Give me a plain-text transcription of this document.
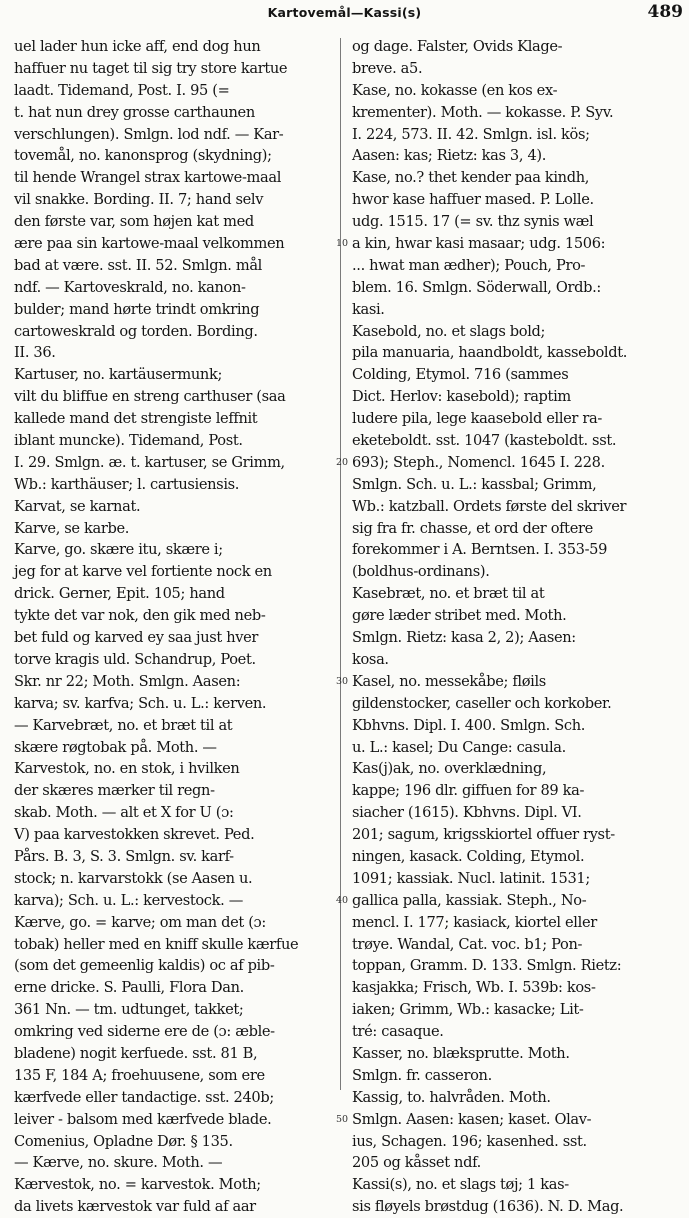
Kartovemål—Kassi(s)	489
uel lader hun icke aff, end dog hun
haffuer nu taget til sig try store kartue
laadt. Tidemand, Post. I. 95 (=
t. hat nun drey grosse carthaunen
verschlungen). Smlgn. lod ndf. — Kar-
tovemål, no. kanonsprog (skydning);
til hende Wrangel strax kartowe-maal
vil snakke. Bording. II. 7; hand selv
den første var, som højen kat med
ære paa sin kartowe-maal velkommen
bad at være. sst. II. 52. Smlgn. mål
ndf. — Kartoveskrald, no. kanon-
bulder; mand hørte trindt omkring
cartoweskrald og torden. Bording.
II. 36.
Kartuser, no. kartäusermunk;
vilt du bliffue en streng carthuser (saa
kallede mand det strengiste leffnit
iblant muncke). Tidemand, Post.
I. 29. Smlgn. æ. t. kartuser, se Grimm,
Wb.: karthäuser; l. cartusiensis.
Karvat, se karnat.
Karve, se karbe.
Karve, go. skære itu, skære i;
jeg for at karve vel fortiente nock en
drick. Gerner, Epit. 105; hand
tykte det var nok, den gik med neb-
bet fuld og karved ey saa just hver
torve kragis uld. Schandrup, Poet.
Skr. nr 22; Moth. Smlgn. Aasen:
karva; sv. karfva; Sch. u. L.: kerven.
— Karvebræt, no. et bræt til at
skære røgtobak på. Moth. —
Karvestok, no. en stok, i hvilken
der skæres mærker til regn-
skab. Moth. — alt et X for U (ɔ:
V) paa karvestokken skrevet. Ped.
Pårs. B. 3, S. 3. Smlgn. sv. karf-
stock; n. karvarstokk (se Aasen u.
karva); Sch. u. L.: kervestock. —
Kærve, go. = karve; om man det (ɔ:
tobak) heller med en kniff skulle kærfue
(som det gemeenlig kaldis) oc af pib-
erne dricke. S. Paulli, Flora Dan.
361 Nn. — tm. udtunget, takket;
omkring ved siderne ere de (ɔ: æble-
bladene) nogit kerfuede. sst. 81 B,
135 F, 184 A; froehuusene, som ere
kærfvede eller tandactige. sst. 240b;
leiver - balsom med kærfvede blade.
Comenius, Opladne Dør. § 135.
— Kærve, no. skure. Moth. —
Kærvestok, no. = karvestok. Moth;
da livets kærvestok var fuld af aar
10
20
30
40
50
og dage. Falster, Ovids Klage-
breve. a5.
Kase, no. kokasse (en kos ex-
krementer). Moth. — kokasse. P. Syv.
I. 224, 573. II. 42. Smlgn. isl. kös;
Aasen: kas; Rietz: kas 3, 4).
Kase, no.? thet kender paa kindh,
hwor kase haffuer mased. P. Lolle.
udg. 1515. 17 (= sv. thz synis wæl
a kin, hwar kasi masaar; udg. 1506:
... hwat man ædher); Pouch, Pro-
blem. 16. Smlgn. Söderwall, Ordb.:
kasi.
Kasebold, no. et slags bold;
pila manuaria, haandboldt, kasseboldt.
Colding, Etymol. 716 (sammes
Dict. Herlov: kasebold); raptim
ludere pila, lege kaasebold eller ra-
eketeboldt. sst. 1047 (kasteboldt. sst.
693); Steph., Nomencl. 1645 I. 228.
Smlgn. Sch. u. L.: kassbal; Grimm,
Wb.: katzball. Ordets første del skriver
sig fra fr. chasse, et ord der oftere
forekommer i A. Berntsen. I. 353-59
(boldhus-ordinans).
Kasebræt, no. et bræt til at
gøre læder stribet med. Moth.
Smlgn. Rietz: kasa 2, 2); Aasen:
kosa.
Kasel, no. messekåbe; fløils
gildenstocker, caseller och korkober.
Kbhvns. Dipl. I. 400. Smlgn. Sch.
u. L.: kasel; Du Cange: casula.
Kas(j)ak, no. overklædning,
kappe; 196 dlr. giffuen for 89 ka-
siacher (1615). Kbhvns. Dipl. VI.
201; sagum, krigsskiortel offuer ryst-
ningen, kasack. Colding, Etymol.
1091; kassiak. Nucl. latinit. 1531;
gallica palla, kassiak. Steph., No-
mencl. I. 177; kasiack, kiortel eller
trøye. Wandal, Cat. voc. b1; Pon-
toppan, Gramm. D. 133. Smlgn. Rietz:
kasjakka; Frisch, Wb. I. 539b: kos-
iaken; Grimm, Wb.: kasacke; Lit-
tré: casaque.
Kasser, no. blæksprutte. Moth.
Smlgn. fr. casseron.
Kassig, to. halvråden. Moth.
Smlgn. Aasen: kasen; kaset. Olav-
ius, Schagen. 196; kasenhed. sst.
205 og kåsset ndf.
Kassi(s), no. et slags tøj; 1 kas-
sis fløyels brøstdug (1636). N. D. Mag.
